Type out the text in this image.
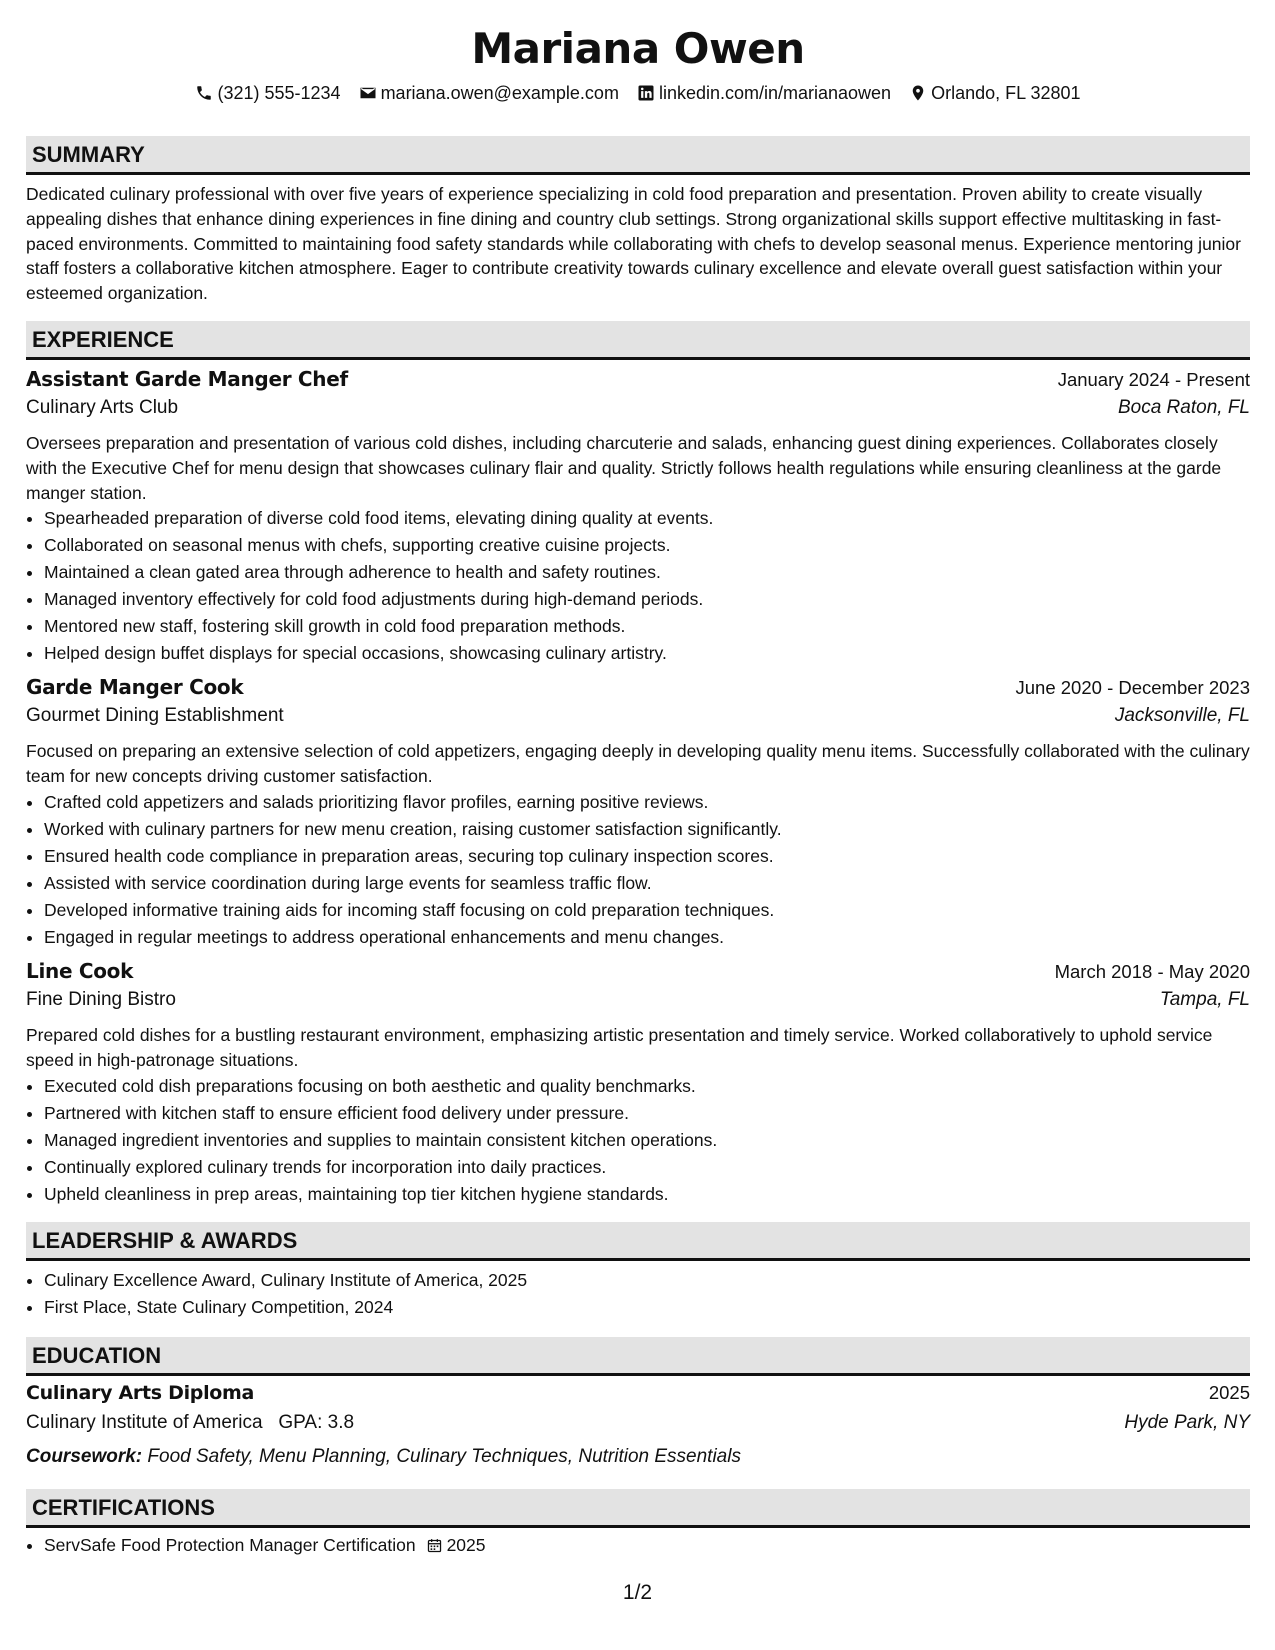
Mariana Owen
(321) 555-1234 mariana.owen@example.com linkedin.com/in/marianaowen Orlando, FL 32801
SUMMARY

Dedicated culinary professional with over five years of experience specializing in cold food preparation and presentation. Proven ability to create visually appealing dishes that enhance dining experiences in fine dining and country club settings. Strong organizational skills support effective multitasking in fast-paced environments. Committed to maintaining food safety standards while collaborating with chefs to develop seasonal menus. Experience mentoring junior staff fosters a collaborative kitchen atmosphere. Eager to contribute creativity towards culinary excellence and elevate overall guest satisfaction within your esteemed organization.

EXPERIENCE
Assistant Garde Manger Chef	January 2024 - Present
Culinary Arts Club	Boca Raton, FL

Oversees preparation and presentation of various cold dishes, including charcuterie and salads, enhancing guest dining experiences. Collaborates closely with the Executive Chef for menu design that showcases culinary flair and quality. Strictly follows health regulations while ensuring cleanliness at the garde manger station.

• Spearheaded preparation of diverse cold food items, elevating dining quality at events.
• Collaborated on seasonal menus with chefs, supporting creative cuisine projects.
• Maintained a clean gated area through adherence to health and safety routines.
• Managed inventory effectively for cold food adjustments during high-demand periods.
• Mentored new staff, fostering skill growth in cold food preparation methods.
• Helped design buffet displays for special occasions, showcasing culinary artistry.
Garde Manger Cook	June 2020 - December 2023
Gourmet Dining Establishment	Jacksonville, FL

Focused on preparing an extensive selection of cold appetizers, engaging deeply in developing quality menu items. Successfully collaborated with the culinary team for new concepts driving customer satisfaction.

• Crafted cold appetizers and salads prioritizing flavor profiles, earning positive reviews.
• Worked with culinary partners for new menu creation, raising customer satisfaction significantly.
• Ensured health code compliance in preparation areas, securing top culinary inspection scores.
• Assisted with service coordination during large events for seamless traffic flow.
• Developed informative training aids for incoming staff focusing on cold preparation techniques.
• Engaged in regular meetings to address operational enhancements and menu changes.
Line Cook	March 2018 - May 2020
Fine Dining Bistro	Tampa, FL

Prepared cold dishes for a bustling restaurant environment, emphasizing artistic presentation and timely service. Worked collaboratively to uphold service speed in high-patronage situations.

• Executed cold dish preparations focusing on both aesthetic and quality benchmarks.
• Partnered with kitchen staff to ensure efficient food delivery under pressure.
• Managed ingredient inventories and supplies to maintain consistent kitchen operations.
• Continually explored culinary trends for incorporation into daily practices.
• Upheld cleanliness in prep areas, maintaining top tier kitchen hygiene standards.
LEADERSHIP & AWARDS
• Culinary Excellence Award, Culinary Institute of America, 2025
• First Place, State Culinary Competition, 2024
EDUCATION
Culinary Arts Diploma	2025
Culinary Institute of America GPA: 3.8	Hyde Park, NY
Coursework: Food Safety, Menu Planning, Culinary Techniques, Nutrition Essentials
CERTIFICATIONS
• ServSafe Food Protection Manager Certification 2025
1/2
